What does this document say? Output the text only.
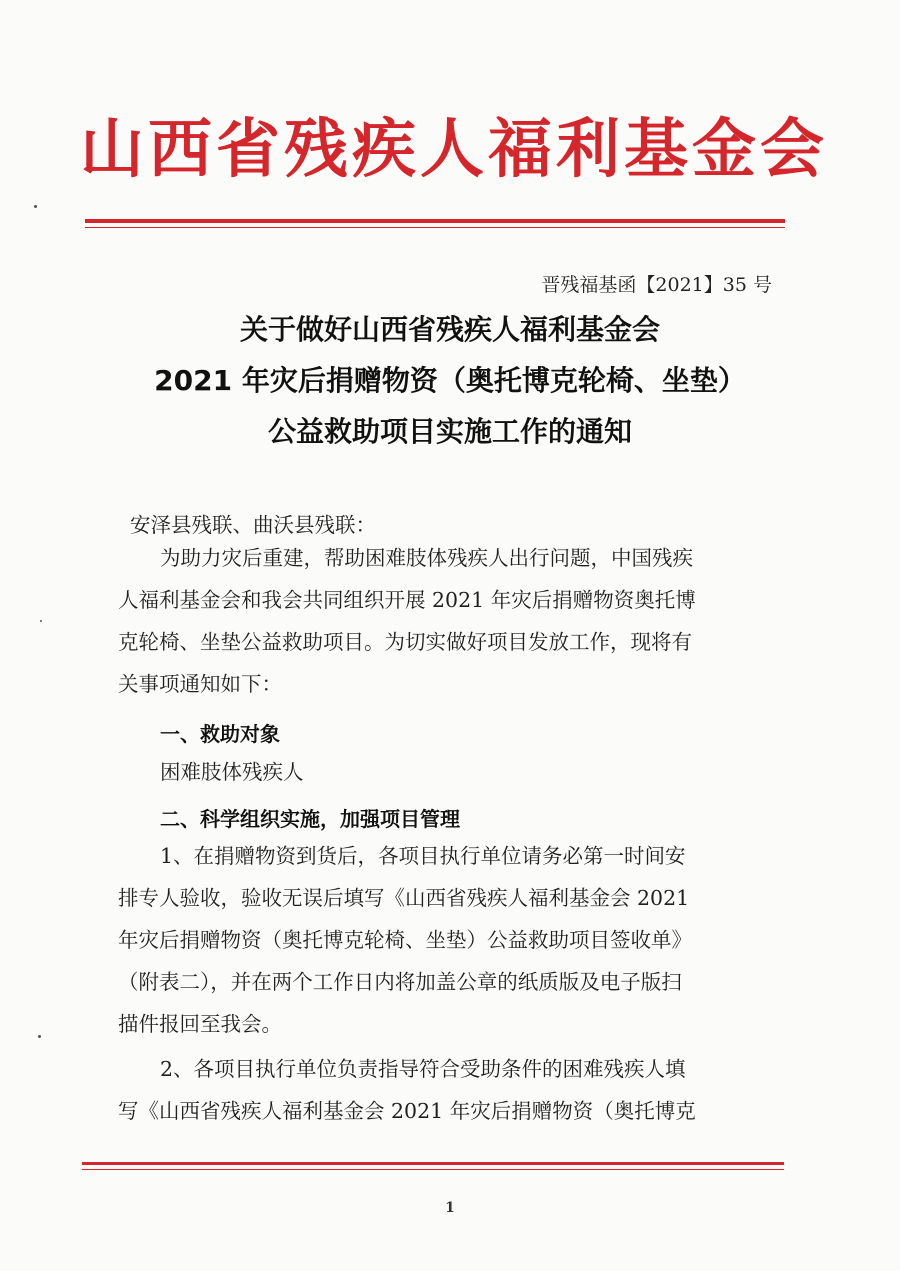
山西省残疾人福利基金会
晋残福基函【2021】35 号
关于做好山西省残疾人福利基金会
2021 年灾后捐赠物资（奥托博克轮椅、坐垫）
公益救助项目实施工作的通知
安泽县残联、曲沃县残联：
为助力灾后重建，帮助困难肢体残疾人出行问题，中国残疾
人福利基金会和我会共同组织开展 2021 年灾后捐赠物资奥托博
克轮椅、坐垫公益救助项目。为切实做好项目发放工作，现将有
关事项通知如下：
一、救助对象
困难肢体残疾人
二、科学组织实施，加强项目管理
1、在捐赠物资到货后，各项目执行单位请务必第一时间安
排专人验收，验收无误后填写《山西省残疾人福利基金会 2021
年灾后捐赠物资（奥托博克轮椅、坐垫）公益救助项目签收单》
（附表二），并在两个工作日内将加盖公章的纸质版及电子版扫
描件报回至我会。
2、各项目执行单位负责指导符合受助条件的困难残疾人填
写《山西省残疾人福利基金会 2021 年灾后捐赠物资（奥托博克
1
